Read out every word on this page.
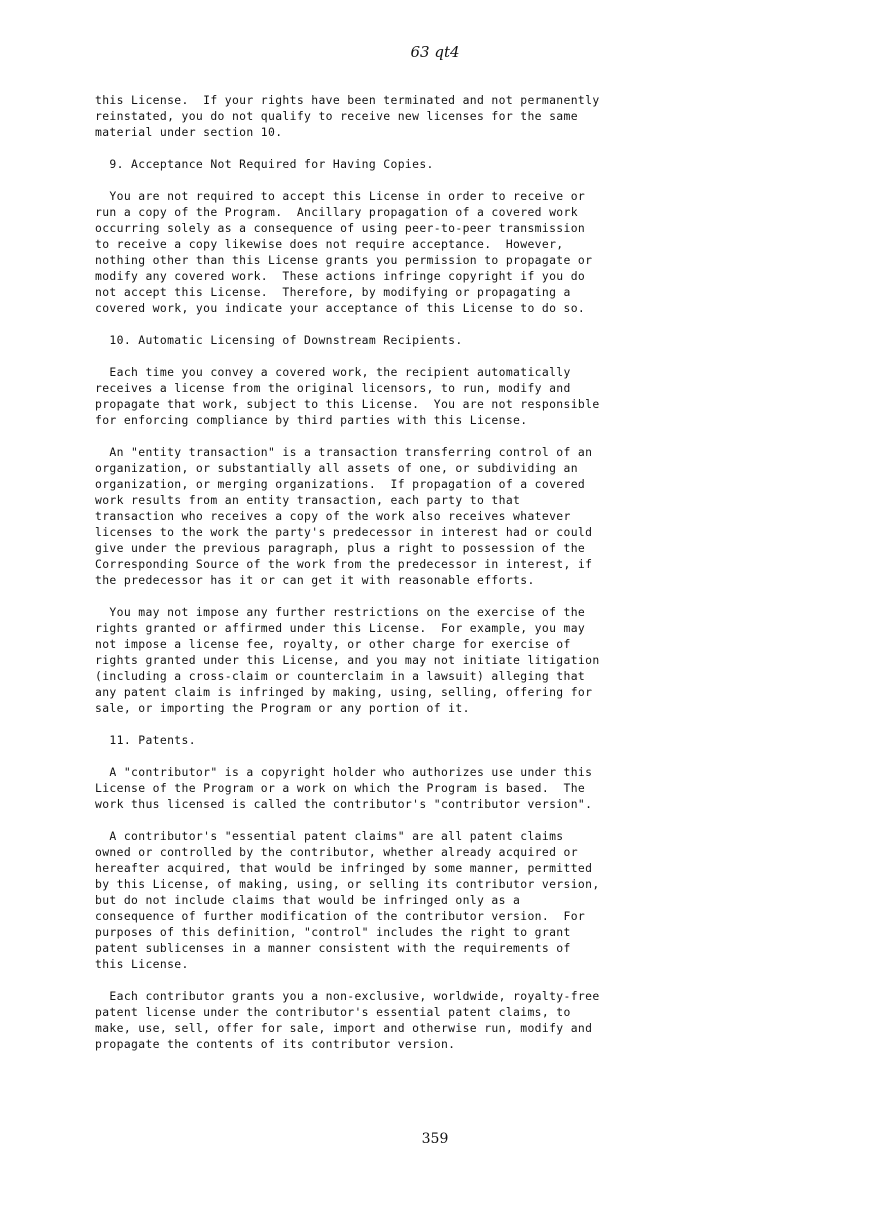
63 qt4
this License.  If your rights have been terminated and not permanently
reinstated, you do not qualify to receive new licenses for the same
material under section 10.
9. Acceptance Not Required for Having Copies.
You are not required to accept this License in order to receive or
run a copy of the Program.  Ancillary propagation of a covered work
occurring solely as a consequence of using peer-to-peer transmission
to receive a copy likewise does not require acceptance.  However,
nothing other than this License grants you permission to propagate or
modify any covered work.  These actions infringe copyright if you do
not accept this License.  Therefore, by modifying or propagating a
covered work, you indicate your acceptance of this License to do so.
10. Automatic Licensing of Downstream Recipients.
Each time you convey a covered work, the recipient automatically
receives a license from the original licensors, to run, modify and
propagate that work, subject to this License.  You are not responsible
for enforcing compliance by third parties with this License.
An "entity transaction" is a transaction transferring control of an
organization, or substantially all assets of one, or subdividing an
organization, or merging organizations.  If propagation of a covered
work results from an entity transaction, each party to that
transaction who receives a copy of the work also receives whatever
licenses to the work the party's predecessor in interest had or could
give under the previous paragraph, plus a right to possession of the
Corresponding Source of the work from the predecessor in interest, if
the predecessor has it or can get it with reasonable efforts.
You may not impose any further restrictions on the exercise of the
rights granted or affirmed under this License.  For example, you may
not impose a license fee, royalty, or other charge for exercise of
rights granted under this License, and you may not initiate litigation
(including a cross-claim or counterclaim in a lawsuit) alleging that
any patent claim is infringed by making, using, selling, offering for
sale, or importing the Program or any portion of it.
11. Patents.
A "contributor" is a copyright holder who authorizes use under this
License of the Program or a work on which the Program is based.  The
work thus licensed is called the contributor's "contributor version".
A contributor's "essential patent claims" are all patent claims
owned or controlled by the contributor, whether already acquired or
hereafter acquired, that would be infringed by some manner, permitted
by this License, of making, using, or selling its contributor version,
but do not include claims that would be infringed only as a
consequence of further modification of the contributor version.  For
purposes of this definition, "control" includes the right to grant
patent sublicenses in a manner consistent with the requirements of
this License.
Each contributor grants you a non-exclusive, worldwide, royalty-free
patent license under the contributor's essential patent claims, to
make, use, sell, offer for sale, import and otherwise run, modify and
propagate the contents of its contributor version.
359
